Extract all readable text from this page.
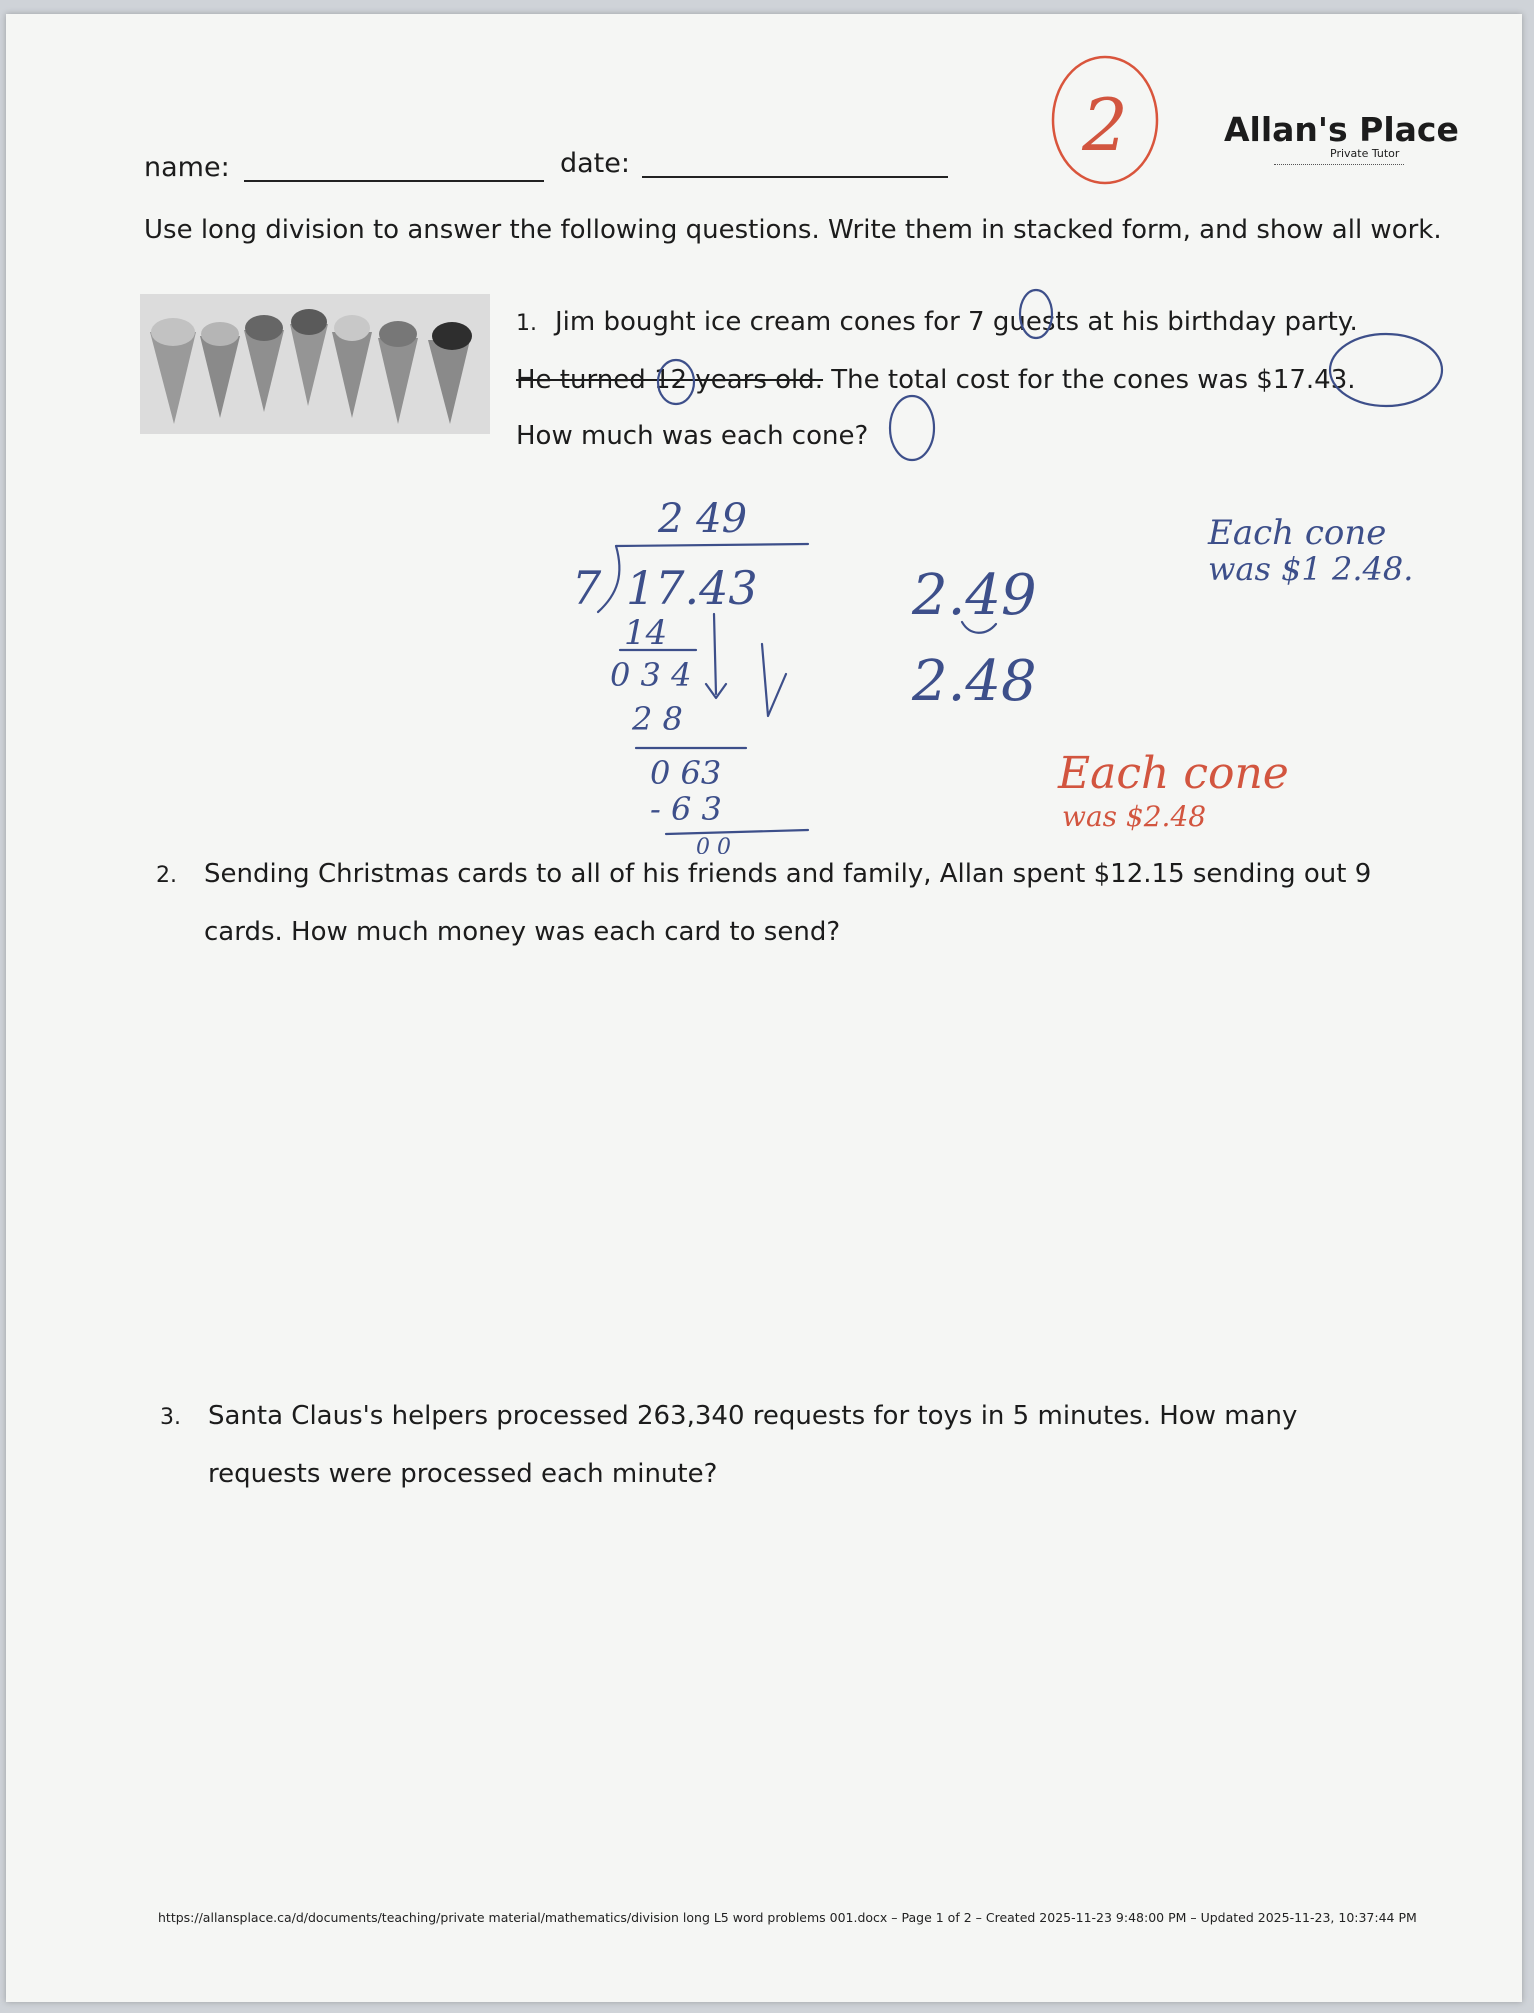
name:	date:	2	Allan's Place
Private Tutor
Use long division to answer the following questions. Write them in stacked form, and show all work.
1. Jim bought ice cream cones for 7 guests at his birthday party.
He turned 12 years old. The total cost for the cones was $17.43.
How much was each cone?
2 49
7 17.43
14
0 3 4
2 8
0 63
- 6 3
0 0
2.49
2.48
Each cone
was $1 2.48.
Each cone
was $2.48
2. Sending Christmas cards to all of his friends and family, Allan spent $12.15 sending out 9
cards. How much money was each card to send?
3. Santa Claus's helpers processed 263,340 requests for toys in 5 minutes. How many
requests were processed each minute?
https://allansplace.ca/d/documents/teaching/private material/mathematics/division long L5 word problems 001.docx – Page 1 of 2 – Created 2025-11-23 9:48:00 PM – Updated 2025-11-23, 10:37:44 PM
